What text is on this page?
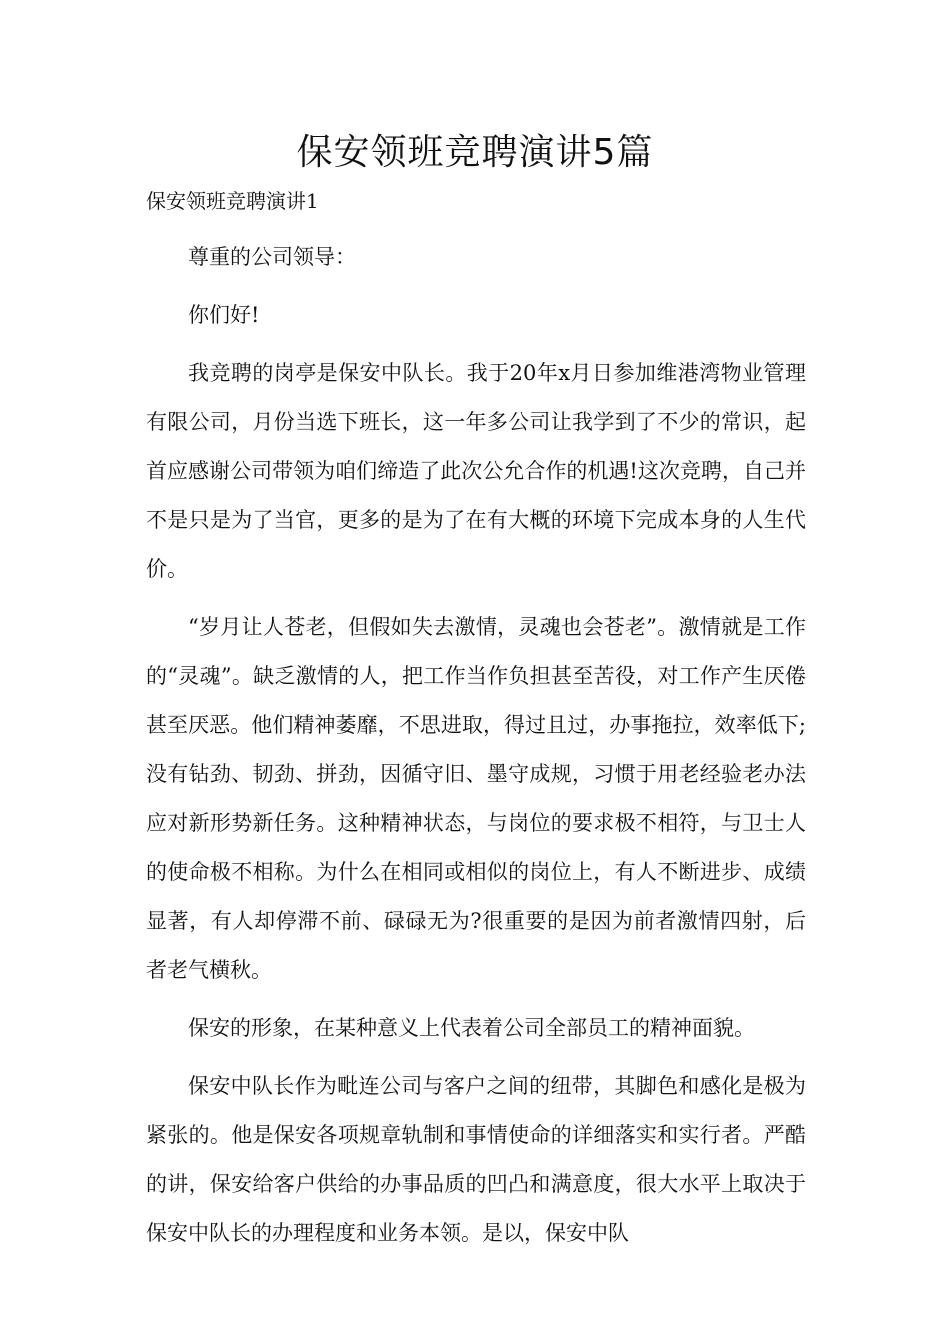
保安领班竞聘演讲5篇
保安领班竞聘演讲1

尊重的公司领导：

你们好!

我竞聘的岗亭是保安中队长。我于20年x月日参加维港湾物业管理有限公司，月份当选下班长，这一年多公司让我学到了不少的常识，起首应感谢公司带领为咱们缔造了此次公允合作的机遇!这次竞聘，自己并不是只是为了当官，更多的是为了在有大概的环境下完成本身的人生代价。

“岁月让人苍老，但假如失去激情，灵魂也会苍老”。激情就是工作的“灵魂”。缺乏激情的人，把工作当作负担甚至苦役，对工作产生厌倦甚至厌恶。他们精神萎靡，不思进取，得过且过，办事拖拉，效率低下;没有钻劲、韧劲、拼劲，因循守旧、墨守成规，习惯于用老经验老办法应对新形势新任务。这种精神状态，与岗位的要求极不相符，与卫士人的使命极不相称。为什么在相同或相似的岗位上，有人不断进步、成绩显著，有人却停滞不前、碌碌无为?很重要的是因为前者激情四射，后者老气横秋。

保安的形象，在某种意义上代表着公司全部员工的精神面貌。

保安中队长作为毗连公司与客户之间的纽带，其脚色和感化是极为紧张的。他是保安各项规章轨制和事情使命的详细落实和实行者。严酷的讲，保安给客户供给的办事品质的凹凸和满意度，很大水平上取决于保安中队长的办理程度和业务本领。是以，保安中队
